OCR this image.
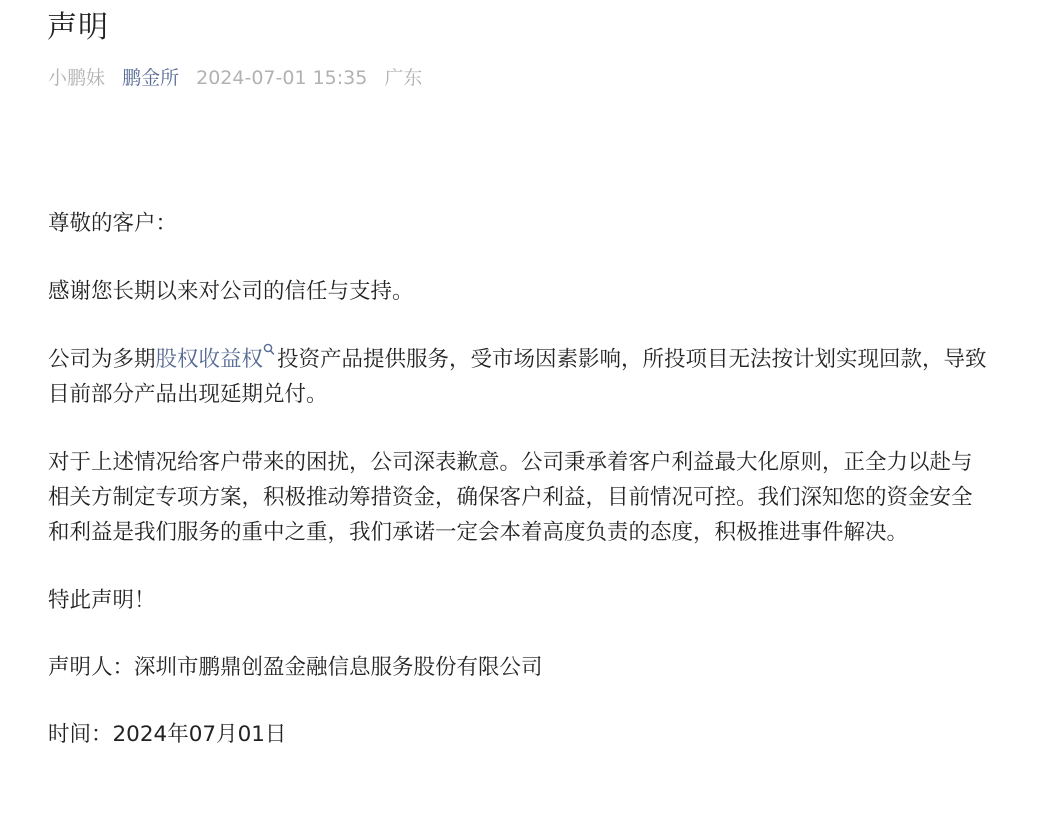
声明
小鹏妹 鹏金所 2024-07-01 15:35 广东

尊敬的客户：

感谢您长期以来对公司的信任与支持。

公司为多期股权收益权 投资产品提供服务，受市场因素影响，所投项目无法按计划实现回款，导致目前部分产品出现延期兑付。

对于上述情况给客户带来的困扰，公司深表歉意。公司秉承着客户利益最大化原则，正全力以赴与相关方制定专项方案，积极推动筹措资金，确保客户利益，目前情况可控。我们深知您的资金安全和利益是我们服务的重中之重，我们承诺一定会本着高度负责的态度，积极推进事件解决。

特此声明！

声明人：深圳市鹏鼎创盈金融信息服务股份有限公司

时间：2024年07月01日
